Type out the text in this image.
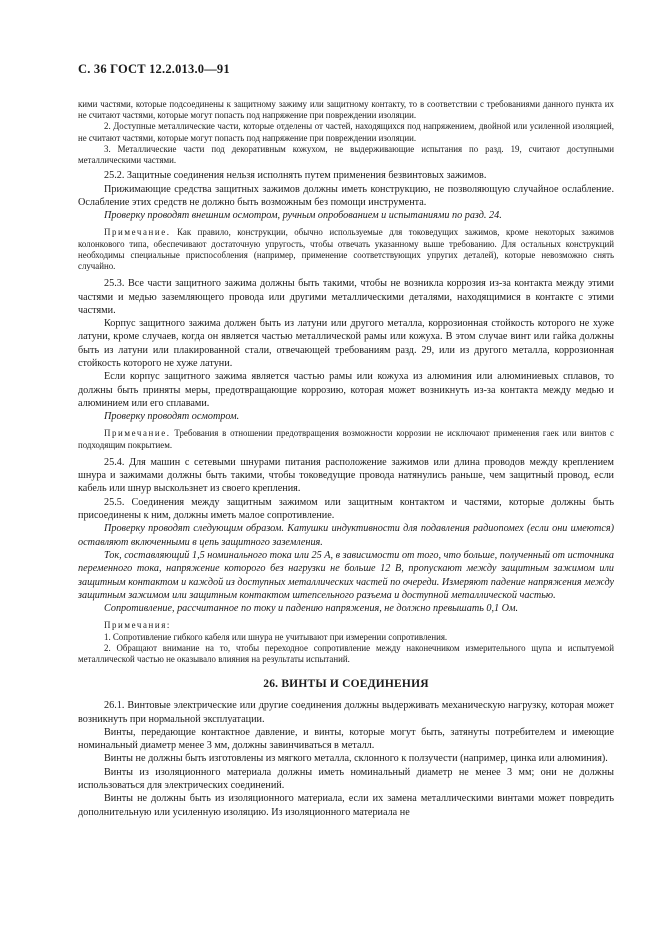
С. 36 ГОСТ 12.2.013.0—91

кими частями, которые подсоединены к защитному зажиму или защитному контакту, то в соответствии с требованиями данного пункта их не считают частями, которые могут попасть под напряжение при повреждении изоляции.

2. Доступные металлические части, которые отделены от частей, находящихся под напряжением, двойной или усиленной изоляцией, не считают частями, которые могут попасть под напряжение при повреждении изоляции.

3. Металлические части под декоративным кожухом, не выдерживающие испытания по разд. 19, считают доступными металлическими частями.

25.2. Защитные соединения нельзя исполнять путем применения безвинтовых зажимов.

Прижимающие средства защитных зажимов должны иметь конструкцию, не позволяющую случайное ослабление. Ослабление этих средств не должно быть возможным без помощи инструмента.

Проверку проводят внешним осмотром, ручным опробованием и испытаниями по разд. 24.

Примечание. Как правило, конструкции, обычно используемые для токоведущих зажимов, кроме некоторых зажимов колонкового типа, обеспечивают достаточную упругость, чтобы отвечать указанному выше требованию. Для остальных конструкций необходимы специальные приспособления (например, применение соответствующих упругих деталей), которые невозможно снять случайно.

25.3. Все части защитного зажима должны быть такими, чтобы не возникла коррозия из-за контакта между этими частями и медью заземляющего провода или другими металлическими деталями, находящимися в контакте с этими частями.

Корпус защитного зажима должен быть из латуни или другого металла, коррозионная стойкость которого не хуже латуни, кроме случаев, когда он является частью металлической рамы или кожуха. В этом случае винт или гайка должны быть из латуни или плакированной стали, отвечающей требованиям разд. 29, или из другого металла, коррозионная стойкость которого не хуже латуни.

Если корпус защитного зажима является частью рамы или кожуха из алюминия или алюминиевых сплавов, то должны быть приняты меры, предотвращающие коррозию, которая может возникнуть из-за контакта между медью и алюминием или его сплавами.

Проверку проводят осмотром.

Примечание. Требования в отношении предотвращения возможности коррозии не исключают применения гаек или винтов с подходящим покрытием.

25.4. Для машин с сетевыми шнурами питания расположение зажимов или длина проводов между креплением шнура и зажимами должны быть такими, чтобы токоведущие провода натянулись раньше, чем защитный провод, если кабель или шнур выскользнет из своего крепления.

25.5. Соединения между защитным зажимом или защитным контактом и частями, которые должны быть присоединены к ним, должны иметь малое сопротивление.

Проверку проводят следующим образом. Катушки индуктивности для подавления радиопомех (если они имеются) оставляют включенными в цепь защитного заземления.

Ток, составляющий 1,5 номинального тока или 25 А, в зависимости от того, что больше, полученный от источника переменного тока, напряжение которого без нагрузки не больше 12 В, пропускают между защитным зажимом или защитным контактом и каждой из доступных металлических частей по очереди. Измеряют падение напряжения между защитным зажимом или защитным контактом штепсельного разъема и доступной металлической частью.

Сопротивление, рассчитанное по току и падению напряжения, не должно превышать 0,1 Ом.

Примечания:

1. Сопротивление гибкого кабеля или шнура не учитывают при измерении сопротивления.

2. Обращают внимание на то, чтобы переходное сопротивление между наконечником измерительного щупа и испытуемой металлической частью не оказывало влияния на результаты испытаний.

26. ВИНТЫ И СОЕДИНЕНИЯ

26.1. Винтовые электрические или другие соединения должны выдерживать механическую нагрузку, которая может возникнуть при нормальной эксплуатации.

Винты, передающие контактное давление, и винты, которые могут быть, затянуты потребителем и имеющие номинальный диаметр менее 3 мм, должны завинчиваться в металл.

Винты не должны быть изготовлены из мягкого металла, склонного к ползучести (например, цинка или алюминия).

Винты из изоляционного материала должны иметь номинальный диаметр не менее 3 мм; они не должны использоваться для электрических соединений.

Винты не должны быть из изоляционного материала, если их замена металлическими винтами может повредить дополнительную или усиленную изоляцию. Из изоляционного материала не
